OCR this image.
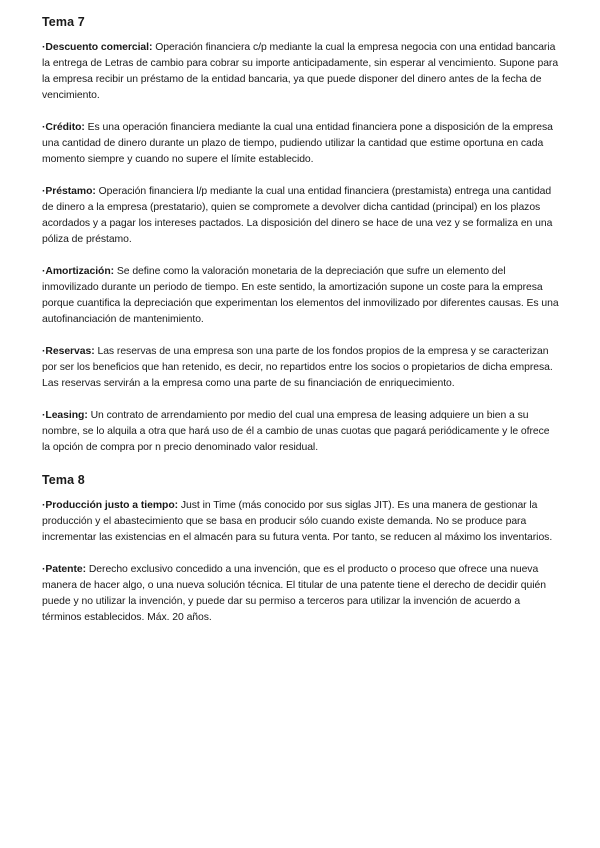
Tema 7

·Descuento comercial: Operación financiera c/p mediante la cual la empresa negocia con una entidad bancaria la entrega de Letras de cambio para cobrar su importe anticipadamente, sin esperar al vencimiento. Supone para la empresa recibir un préstamo de la entidad bancaria, ya que puede disponer del dinero antes de la fecha de vencimiento.

·Crédito: Es una operación financiera mediante la cual una entidad financiera pone a disposición de la empresa una cantidad de dinero durante un plazo de tiempo, pudiendo utilizar la cantidad que estime oportuna en cada momento siempre y cuando no supere el límite establecido.

·Préstamo: Operación financiera l/p mediante la cual una entidad financiera (prestamista) entrega una cantidad de dinero a la empresa (prestatario), quien se compromete a devolver dicha cantidad (principal) en los plazos acordados y a pagar los intereses pactados. La disposición del dinero se hace de una vez y se formaliza en una póliza de préstamo.

·Amortización: Se define como la valoración monetaria de la depreciación que sufre un elemento del inmovilizado durante un periodo de tiempo. En este sentido, la amortización supone un coste para la empresa porque cuantifica la depreciación que experimentan los elementos del inmovilizado por diferentes causas. Es una autofinanciación de mantenimiento.

·Reservas: Las reservas de una empresa son una parte de los fondos propios de la empresa y se caracterizan por ser los beneficios que han retenido, es decir, no repartidos entre los socios o propietarios de dicha empresa. Las reservas servirán a la empresa como una parte de su financiación de enriquecimiento.

·Leasing: Un contrato de arrendamiento por medio del cual una empresa de leasing adquiere un bien a su nombre, se lo alquila a otra que hará uso de él a cambio de unas cuotas que pagará periódicamente y le ofrece la opción de compra por n precio denominado valor residual.

Tema 8

·Producción justo a tiempo: Just in Time (más conocido por sus siglas JIT). Es una manera de gestionar la producción y el abastecimiento que se basa en producir sólo cuando existe demanda. No se produce para incrementar las existencias en el almacén para su futura venta. Por tanto, se reducen al máximo los inventarios.

·Patente: Derecho exclusivo concedido a una invención, que es el producto o proceso que ofrece una nueva manera de hacer algo, o una nueva solución técnica. El titular de una patente tiene el derecho de decidir quién puede y no utilizar la invención, y puede dar su permiso a terceros para utilizar la invención de acuerdo a términos establecidos. Máx. 20 años.
